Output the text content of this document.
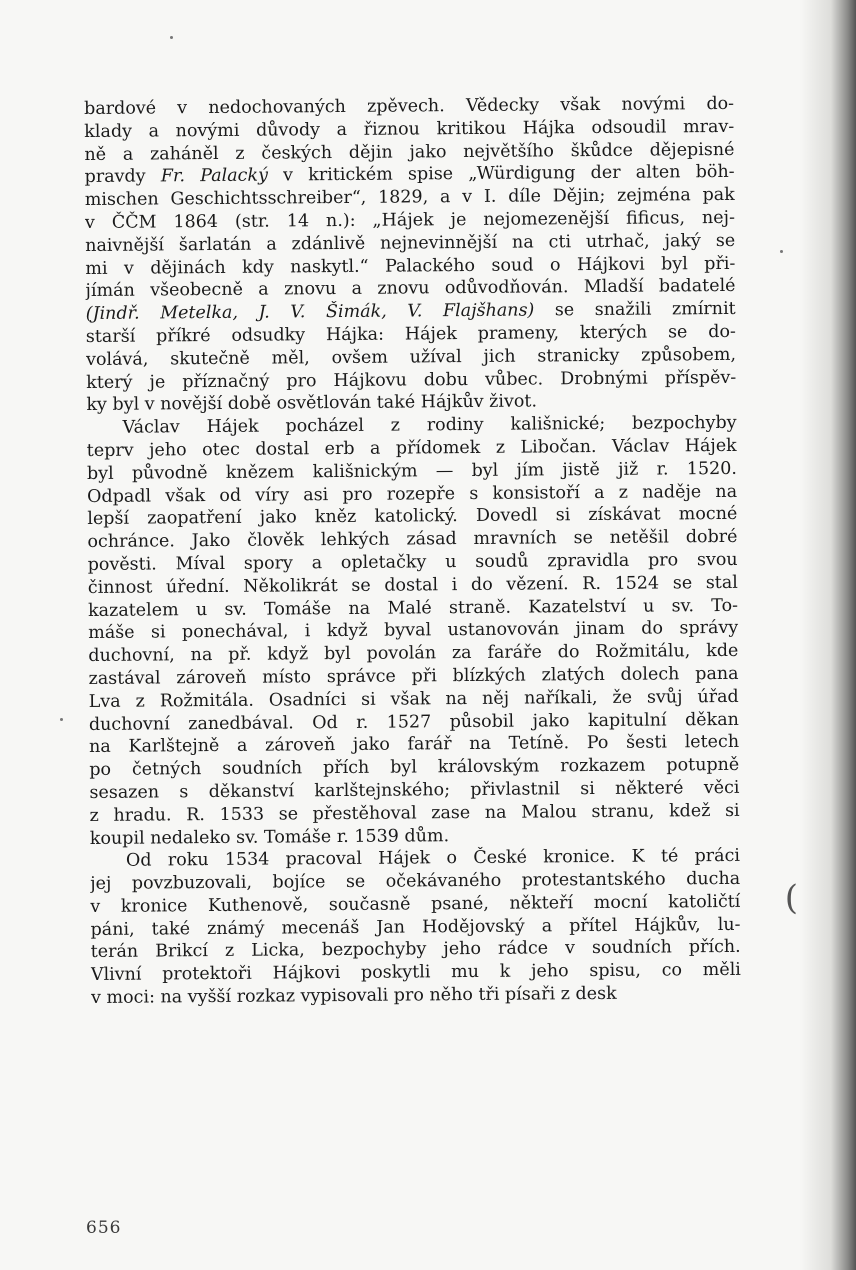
(
bardové v nedochovaných zpěvech. Vědecky však novými do-
klady a novými důvody a řiznou kritikou Hájka odsoudil mrav-
ně a zaháněl z českých dějin jako největšího škůdce dějepisné
pravdy Fr. Palacký v kritickém spise „Würdigung der alten böh-
mischen Geschichtsschreiber“, 1829, a v I. díle Dějin; zejména pak
v ČČM 1864 (str. 14 n.): „Hájek je nejomezenější fificus, nej-
naivnější šarlatán a zdánlivě nejnevinnější na cti utrhač, jaký se
mi v dějinách kdy naskytl.“ Palackého soud o Hájkovi byl při-
jímán všeobecně a znovu a znovu odůvodňován. Mladší badatelé
(Jindř. Metelka, J. V. Šimák, V. Flajšhans) se snažili zmírnit
starší příkré odsudky Hájka: Hájek prameny, kterých se do-
volává, skutečně měl, ovšem užíval jich stranicky způsobem,
který je příznačný pro Hájkovu dobu vůbec. Drobnými příspěv-
ky byl v novější době osvětlován také Hájkův život.
Václav Hájek pocházel z rodiny kališnické; bezpochyby
teprv jeho otec dostal erb a přídomek z Libočan. Václav Hájek
byl původně knězem kališnickým — byl jím jistě již r. 1520.
Odpadl však od víry asi pro rozepře s konsistoří a z naděje na
lepší zaopatření jako kněz katolický. Dovedl si získávat mocné
ochránce. Jako člověk lehkých zásad mravních se netěšil dobré
pověsti. Míval spory a opletačky u soudů zpravidla pro svou
činnost úřední. Několikrát se dostal i do vězení. R. 1524 se stal
kazatelem u sv. Tomáše na Malé straně. Kazatelství u sv. To-
máše si ponechával, i když byval ustanovován jinam do správy
duchovní, na př. když byl povolán za faráře do Rožmitálu, kde
zastával zároveň místo správce při blízkých zlatých dolech pana
Lva z Rožmitála. Osadníci si však na něj naříkali, že svůj úřad
duchovní zanedbával. Od r. 1527 působil jako kapitulní děkan
na Karlštejně a zároveň jako farář na Tetíně. Po šesti letech
po četných soudních přích byl královským rozkazem potupně
sesazen s děkanství karlštejnského; přivlastnil si některé věci
z hradu. R. 1533 se přestěhoval zase na Malou stranu, kdež si
koupil nedaleko sv. Tomáše r. 1539 dům.
Od roku 1534 pracoval Hájek o České kronice. K té práci
jej povzbuzovali, bojíce se očekávaného protestantského ducha
v kronice Kuthenově, současně psané, někteří mocní katoličtí
páni, také známý mecenáš Jan Hodějovský a přítel Hájkův, lu-
terán Brikcí z Licka, bezpochyby jeho rádce v soudních přích.
Vlivní protektoři Hájkovi poskytli mu k jeho spisu, co měli
v moci: na vyšší rozkaz vypisovali pro něho tři písaři z desk
656
